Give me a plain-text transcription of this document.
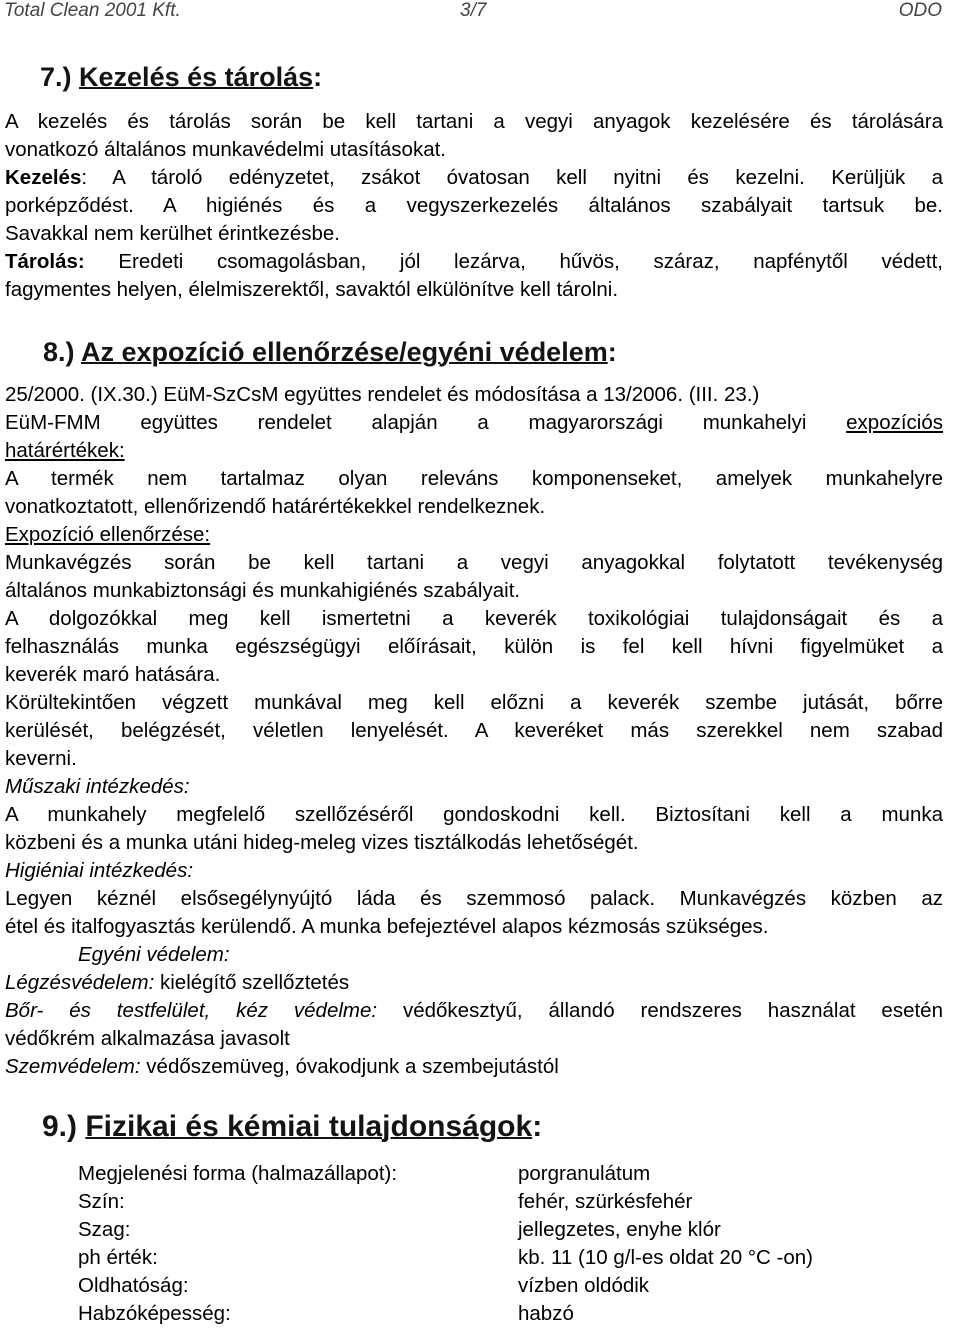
Total Clean 2001 Kft.	3/7	ODO
7.) Kezelés és tárolás:
A kezelés és tárolás során be kell tartani a vegyi anyagok kezelésére és tárolására
vonatkozó általános munkavédelmi utasításokat.
Kezelés: A tároló edényzetet, zsákot óvatosan kell nyitni és kezelni. Kerüljük a
porképződést. A higiénés és a vegyszerkezelés általános szabályait tartsuk be.
Savakkal nem kerülhet érintkezésbe.
Tárolás: Eredeti csomagolásban, jól lezárva, hűvös, száraz, napfénytől védett,
fagymentes helyen, élelmiszerektől, savaktól elkülönítve kell tárolni.
8.) Az expozíció ellenőrzése/egyéni védelem:
25/2000. (IX.30.) EüM-SzCsM együttes rendelet és módosítása a 13/2006. (III. 23.)
EüM-FMM együttes rendelet alapján a magyarországi munkahelyi expozíciós
határértékek:
A termék nem tartalmaz olyan releváns komponenseket, amelyek munkahelyre
vonatkoztatott, ellenőrizendő határértékekkel rendelkeznek.
Expozíció ellenőrzése:
Munkavégzés során be kell tartani a vegyi anyagokkal folytatott tevékenység
általános munkabiztonsági és munkahigiénés szabályait.
A dolgozókkal meg kell ismertetni a keverék toxikológiai tulajdonságait és a
felhasználás munka egészségügyi előírásait, külön is fel kell hívni figyelmüket a
keverék maró hatására.
Körültekintően végzett munkával meg kell előzni a keverék szembe jutását, bőrre
kerülését, belégzését, véletlen lenyelését. A keveréket más szerekkel nem szabad
keverni.
Műszaki intézkedés:
A munkahely megfelelő szellőzéséről gondoskodni kell. Biztosítani kell a munka
közbeni és a munka utáni hideg-meleg vizes tisztálkodás lehetőségét.
Higiéniai intézkedés:
Legyen kéznél elsősegélynyújtó láda és szemmosó palack. Munkavégzés közben az
étel és italfogyasztás kerülendő. A munka befejeztével alapos kézmosás szükséges.
Egyéni védelem:
Légzésvédelem: kielégítő szellőztetés
Bőr- és testfelület, kéz védelme: védőkesztyű, állandó rendszeres használat esetén
védőkrém alkalmazása javasolt
Szemvédelem: védőszemüveg, óvakodjunk a szembejutástól
9.) Fizikai és kémiai tulajdonságok:
Megjelenési forma (halmazállapot):	porgranulátum
Szín:	fehér, szürkésfehér
Szag:	jellegzetes, enyhe klór
ph érték:	kb. 11 (10 g/l-es oldat 20 °C -on)
Oldhatóság:	vízben oldódik
Habzóképesség:	habzó
